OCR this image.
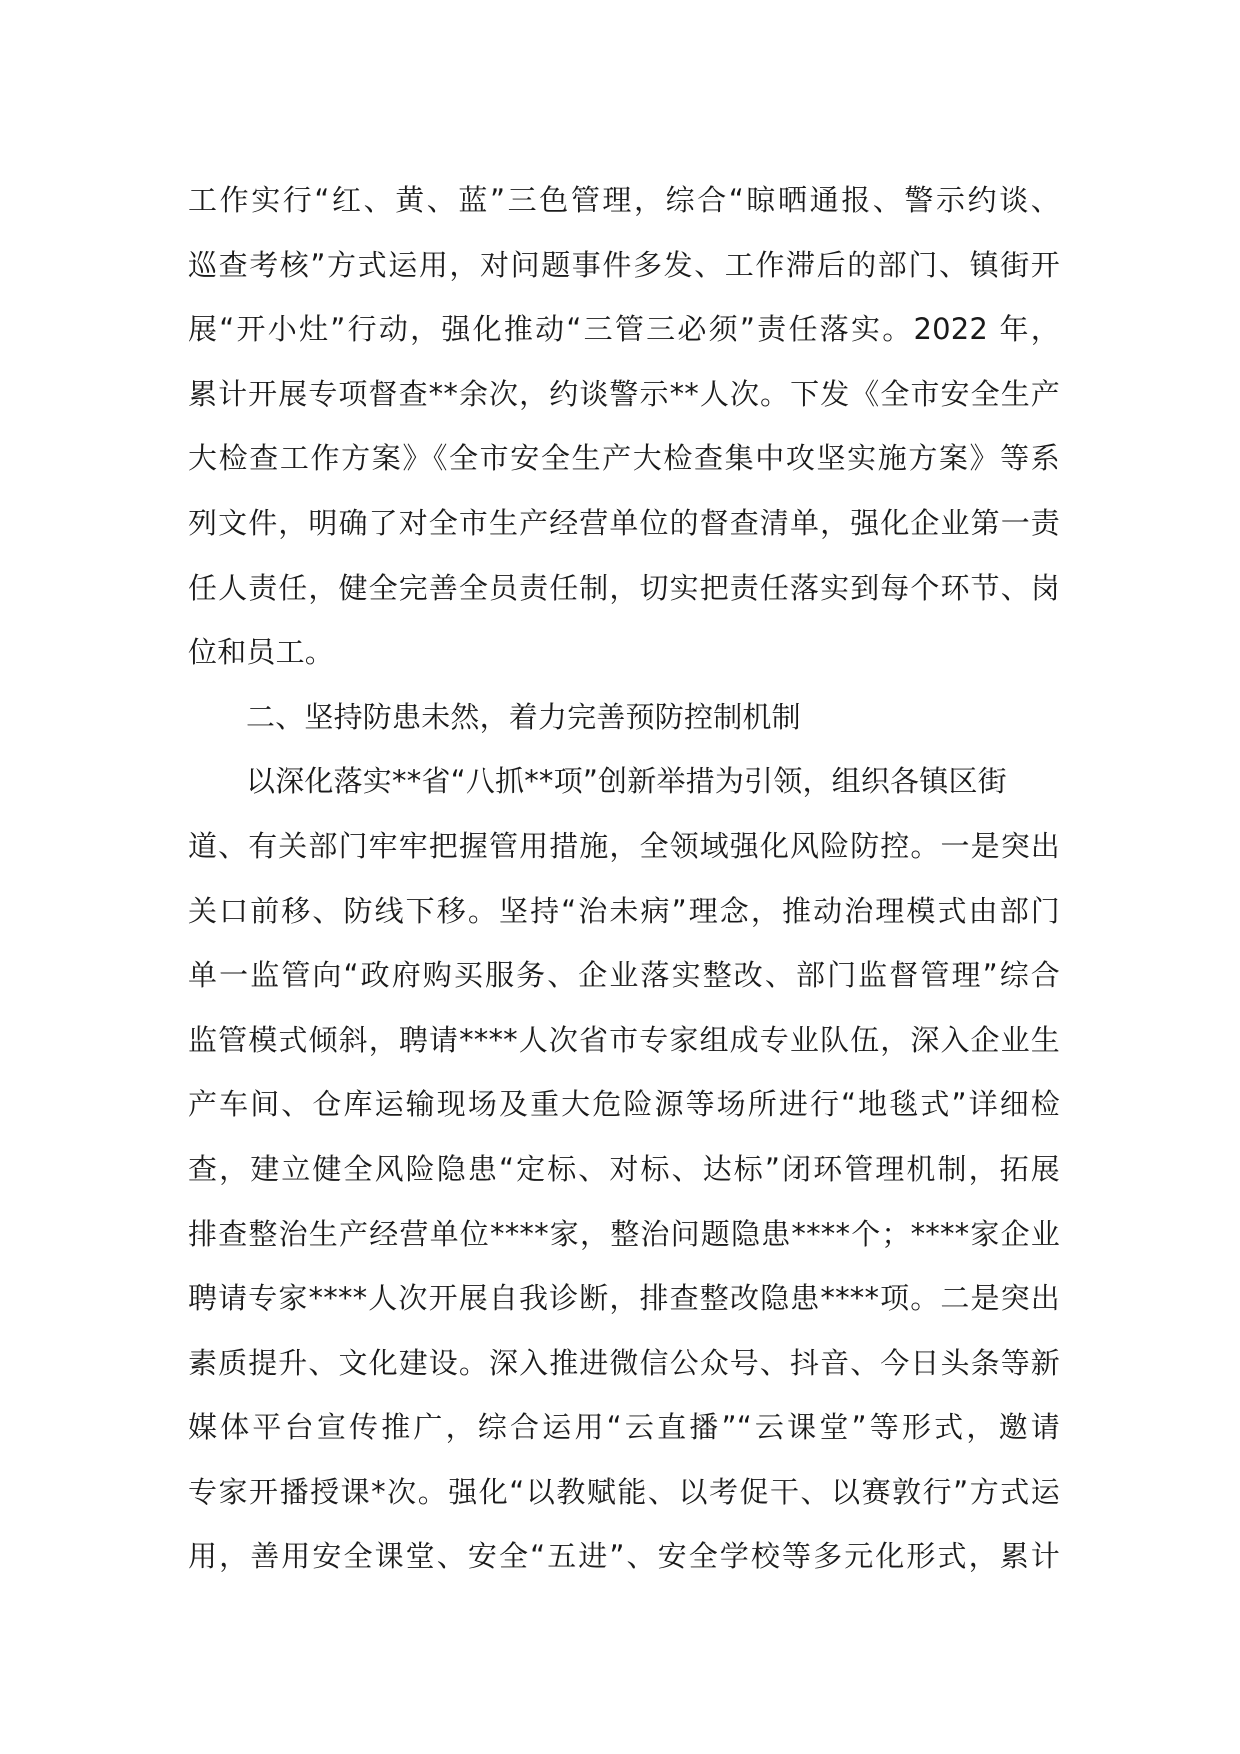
工作实行“红、黄、蓝”三色管理，综合“晾晒通报、警示约谈、
巡查考核”方式运用，对问题事件多发、工作滞后的部门、镇街开
展“开小灶”行动，强化推动“三管三必须”责任落实。2022 年，
累计开展专项督查**余次，约谈警示**人次。下发《全市安全生产
大检查工作方案》《全市安全生产大检查集中攻坚实施方案》等系
列文件，明确了对全市生产经营单位的督查清单，强化企业第一责
任人责任，健全完善全员责任制，切实把责任落实到每个环节、岗
位和员工。
二、坚持防患未然，着力完善预防控制机制
以深化落实**省“八抓**项”创新举措为引领，组织各镇区街
道、有关部门牢牢把握管用措施，全领域强化风险防控。一是突出
关口前移、防线下移。坚持“治未病”理念，推动治理模式由部门
单一监管向“政府购买服务、企业落实整改、部门监督管理”综合
监管模式倾斜，聘请****人次省市专家组成专业队伍，深入企业生
产车间、仓库运输现场及重大危险源等场所进行“地毯式”详细检
查，建立健全风险隐患“定标、对标、达标”闭环管理机制，拓展
排查整治生产经营单位****家，整治问题隐患****个；****家企业
聘请专家****人次开展自我诊断，排查整改隐患****项。二是突出
素质提升、文化建设。深入推进微信公众号、抖音、今日头条等新
媒体平台宣传推广，综合运用“云直播”“云课堂”等形式，邀请
专家开播授课*次。强化“以教赋能、以考促干、以赛敦行”方式运
用，善用安全课堂、安全“五进”、安全学校等多元化形式，累计
